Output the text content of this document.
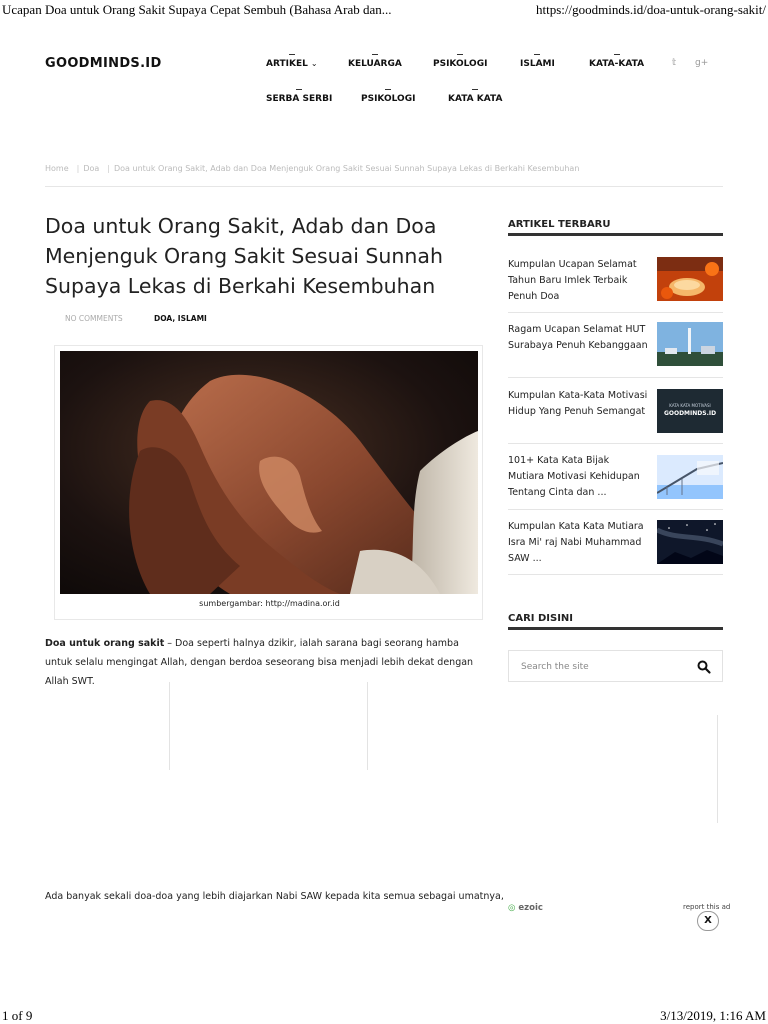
Ucapan Doa untuk Orang Sakit Supaya Cepat Sembuh (Bahasa Arab dan...	https://goodminds.id/doa-untuk-orang-sakit/
GOODMINDS.ID	ARTIKEL ⌄	KELUARGA	PSIKOLOGI	ISLAMI	KATA-KATA
SERBA SERBI	PSIKOLOGI	KATA KATA
𝕥 g+
Home | Doa | Doa untuk Orang Sakit, Adab dan Doa Menjenguk Orang Sakit Sesuai Sunnah Supaya Lekas di Berkahi Kesembuhan
Doa untuk Orang Sakit, Adab dan Doa Menjenguk Orang Sakit Sesuai Sunnah Supaya Lekas di Berkahi Kesembuhan
NO COMMENTS	DOA, ISLAMI
sumbergambar: http://madina.or.id
Doa untuk orang sakit – Doa seperti halnya dzikir, ialah sarana bagi seorang hamba untuk selalu mengingat Allah, dengan berdoa seseorang bisa menjadi lebih dekat dengan Allah SWT.
Ada banyak sekali doa-doa yang lebih diajarkan Nabi SAW kepada kita semua sebagai umatnya,
ARTIKEL TERBARU
Kumpulan Ucapan Selamat Tahun Baru Imlek Terbaik Penuh Doa
Ragam Ucapan Selamat HUT Surabaya Penuh Kebanggaan
Kumpulan Kata-Kata Motivasi Hidup Yang Penuh Semangat
KATA KATA MOTIVASI
GOODMINDS.ID
101+ Kata Kata Bijak Mutiara Motivasi Kehidupan Tentang Cinta dan ...
Kumpulan Kata Kata Mutiara Isra Mi' raj Nabi Muhammad SAW ...
CARI DISINI
Search the site
◎ ezoic	report this ad
X
1 of 9	3/13/2019, 1:16 AM
